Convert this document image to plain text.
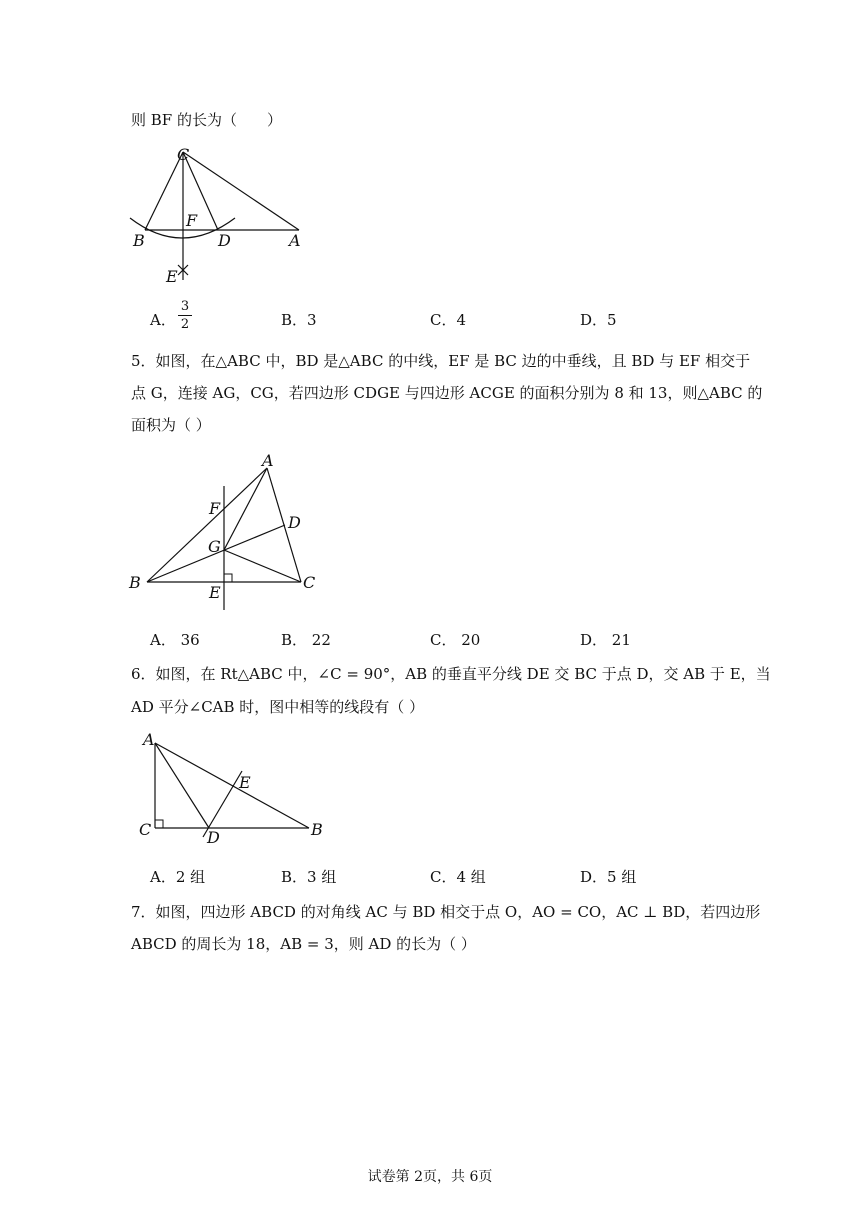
则 BF 的长为（　　）
C
F
B	D	A
E
A．
3
2	B．3	C．4	D．5
5．如图，在△ABC 中，BD 是△ABC 的中线，EF 是 BC 边的中垂线，且 BD 与 EF 相交于
点 G，连接 AG，CG，若四边形 CDGE 与四边形 ACGE 的面积分别为 8 和 13，则△ABC 的
面积为（ ）
A
F
D
G
B
E
C
A． 36	B． 22	C． 20	D． 21
6．如图，在 Rt△ABC 中，∠C = 90°，AB 的垂直平分线 DE 交 BC 于点 D，交 AB 于 E，当
AD 平分∠CAB 时，图中相等的线段有（ ）
A
E
C	D	B
A．2 组	B．3 组	C．4 组	D．5 组
7．如图，四边形 ABCD 的对角线 AC 与 BD 相交于点 O，AO = CO，AC ⊥ BD，若四边形
ABCD 的周长为 18，AB = 3，则 AD 的长为（ ）
试卷第 2页，共 6页
